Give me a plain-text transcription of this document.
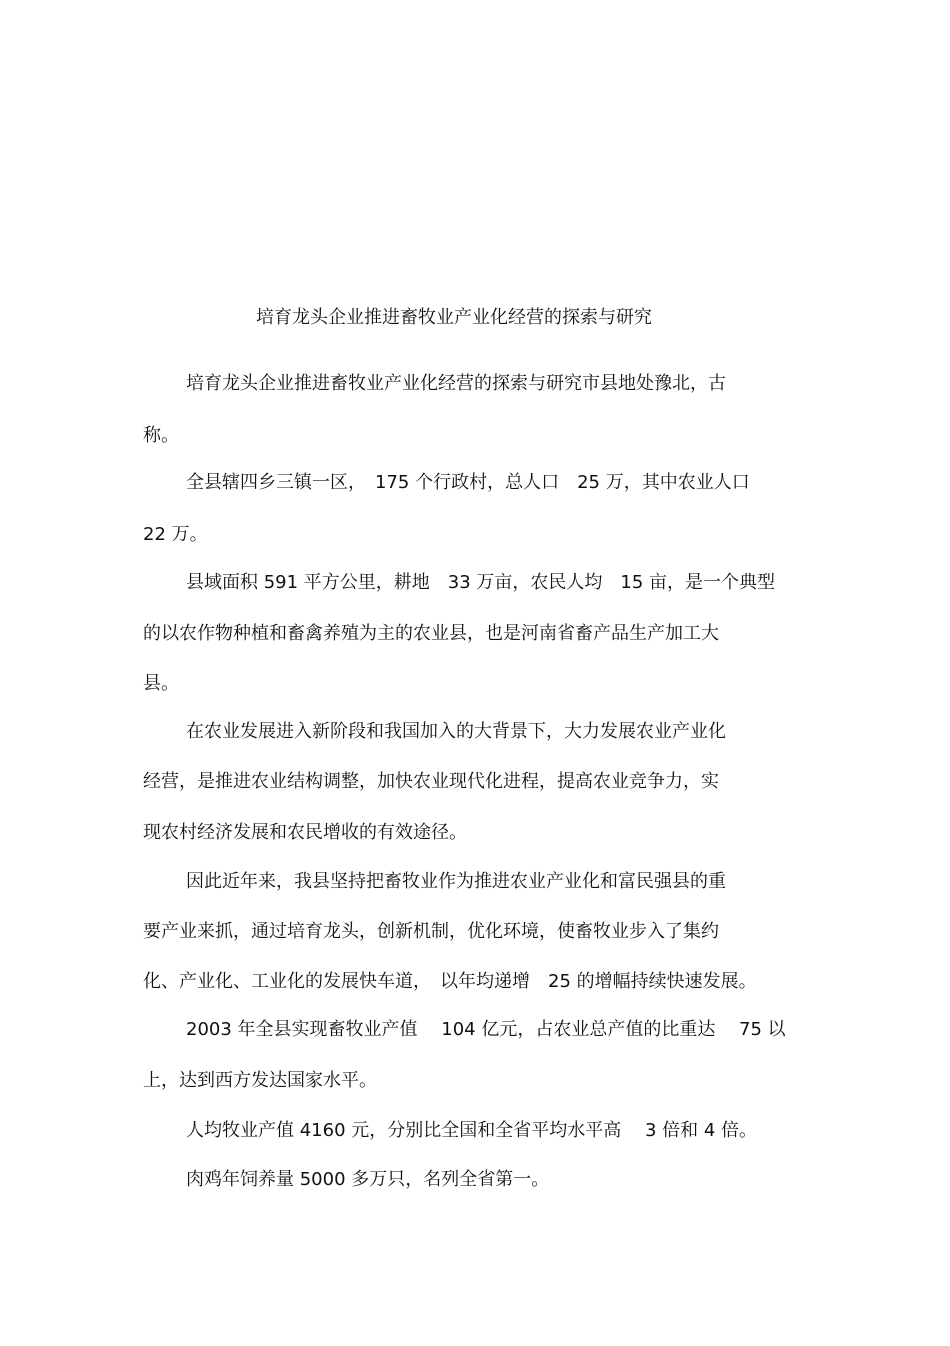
培育龙头企业推进畜牧业产业化经营的探索与研究
培育龙头企业推进畜牧业产业化经营的探索与研究市县地处豫北，古
称。
全县辖四乡三镇一区，　175 个行政村，总人口　25 万，其中农业人口
22 万。
县域面积 591 平方公里，耕地　33 万亩，农民人均　15 亩，是一个典型
的以农作物种植和畜禽养殖为主的农业县，也是河南省畜产品生产加工大
县。
在农业发展进入新阶段和我国加入的大背景下，大力发展农业产业化
经营，是推进农业结构调整，加快农业现代化进程，提高农业竞争力，实
现农村经济发展和农民增收的有效途径。
因此近年来，我县坚持把畜牧业作为推进农业产业化和富民强县的重
要产业来抓，通过培育龙头，创新机制，优化环境，使畜牧业步入了集约
化、产业化、工业化的发展快车道，　以年均递增　25 的增幅持续快速发展。
2003 年全县实现畜牧业产值　 104 亿元，占农业总产值的比重达　 75 以
上，达到西方发达国家水平。
人均牧业产值 4160 元，分别比全国和全省平均水平高　 3 倍和 4 倍。
肉鸡年饲养量 5000 多万只，名列全省第一。
